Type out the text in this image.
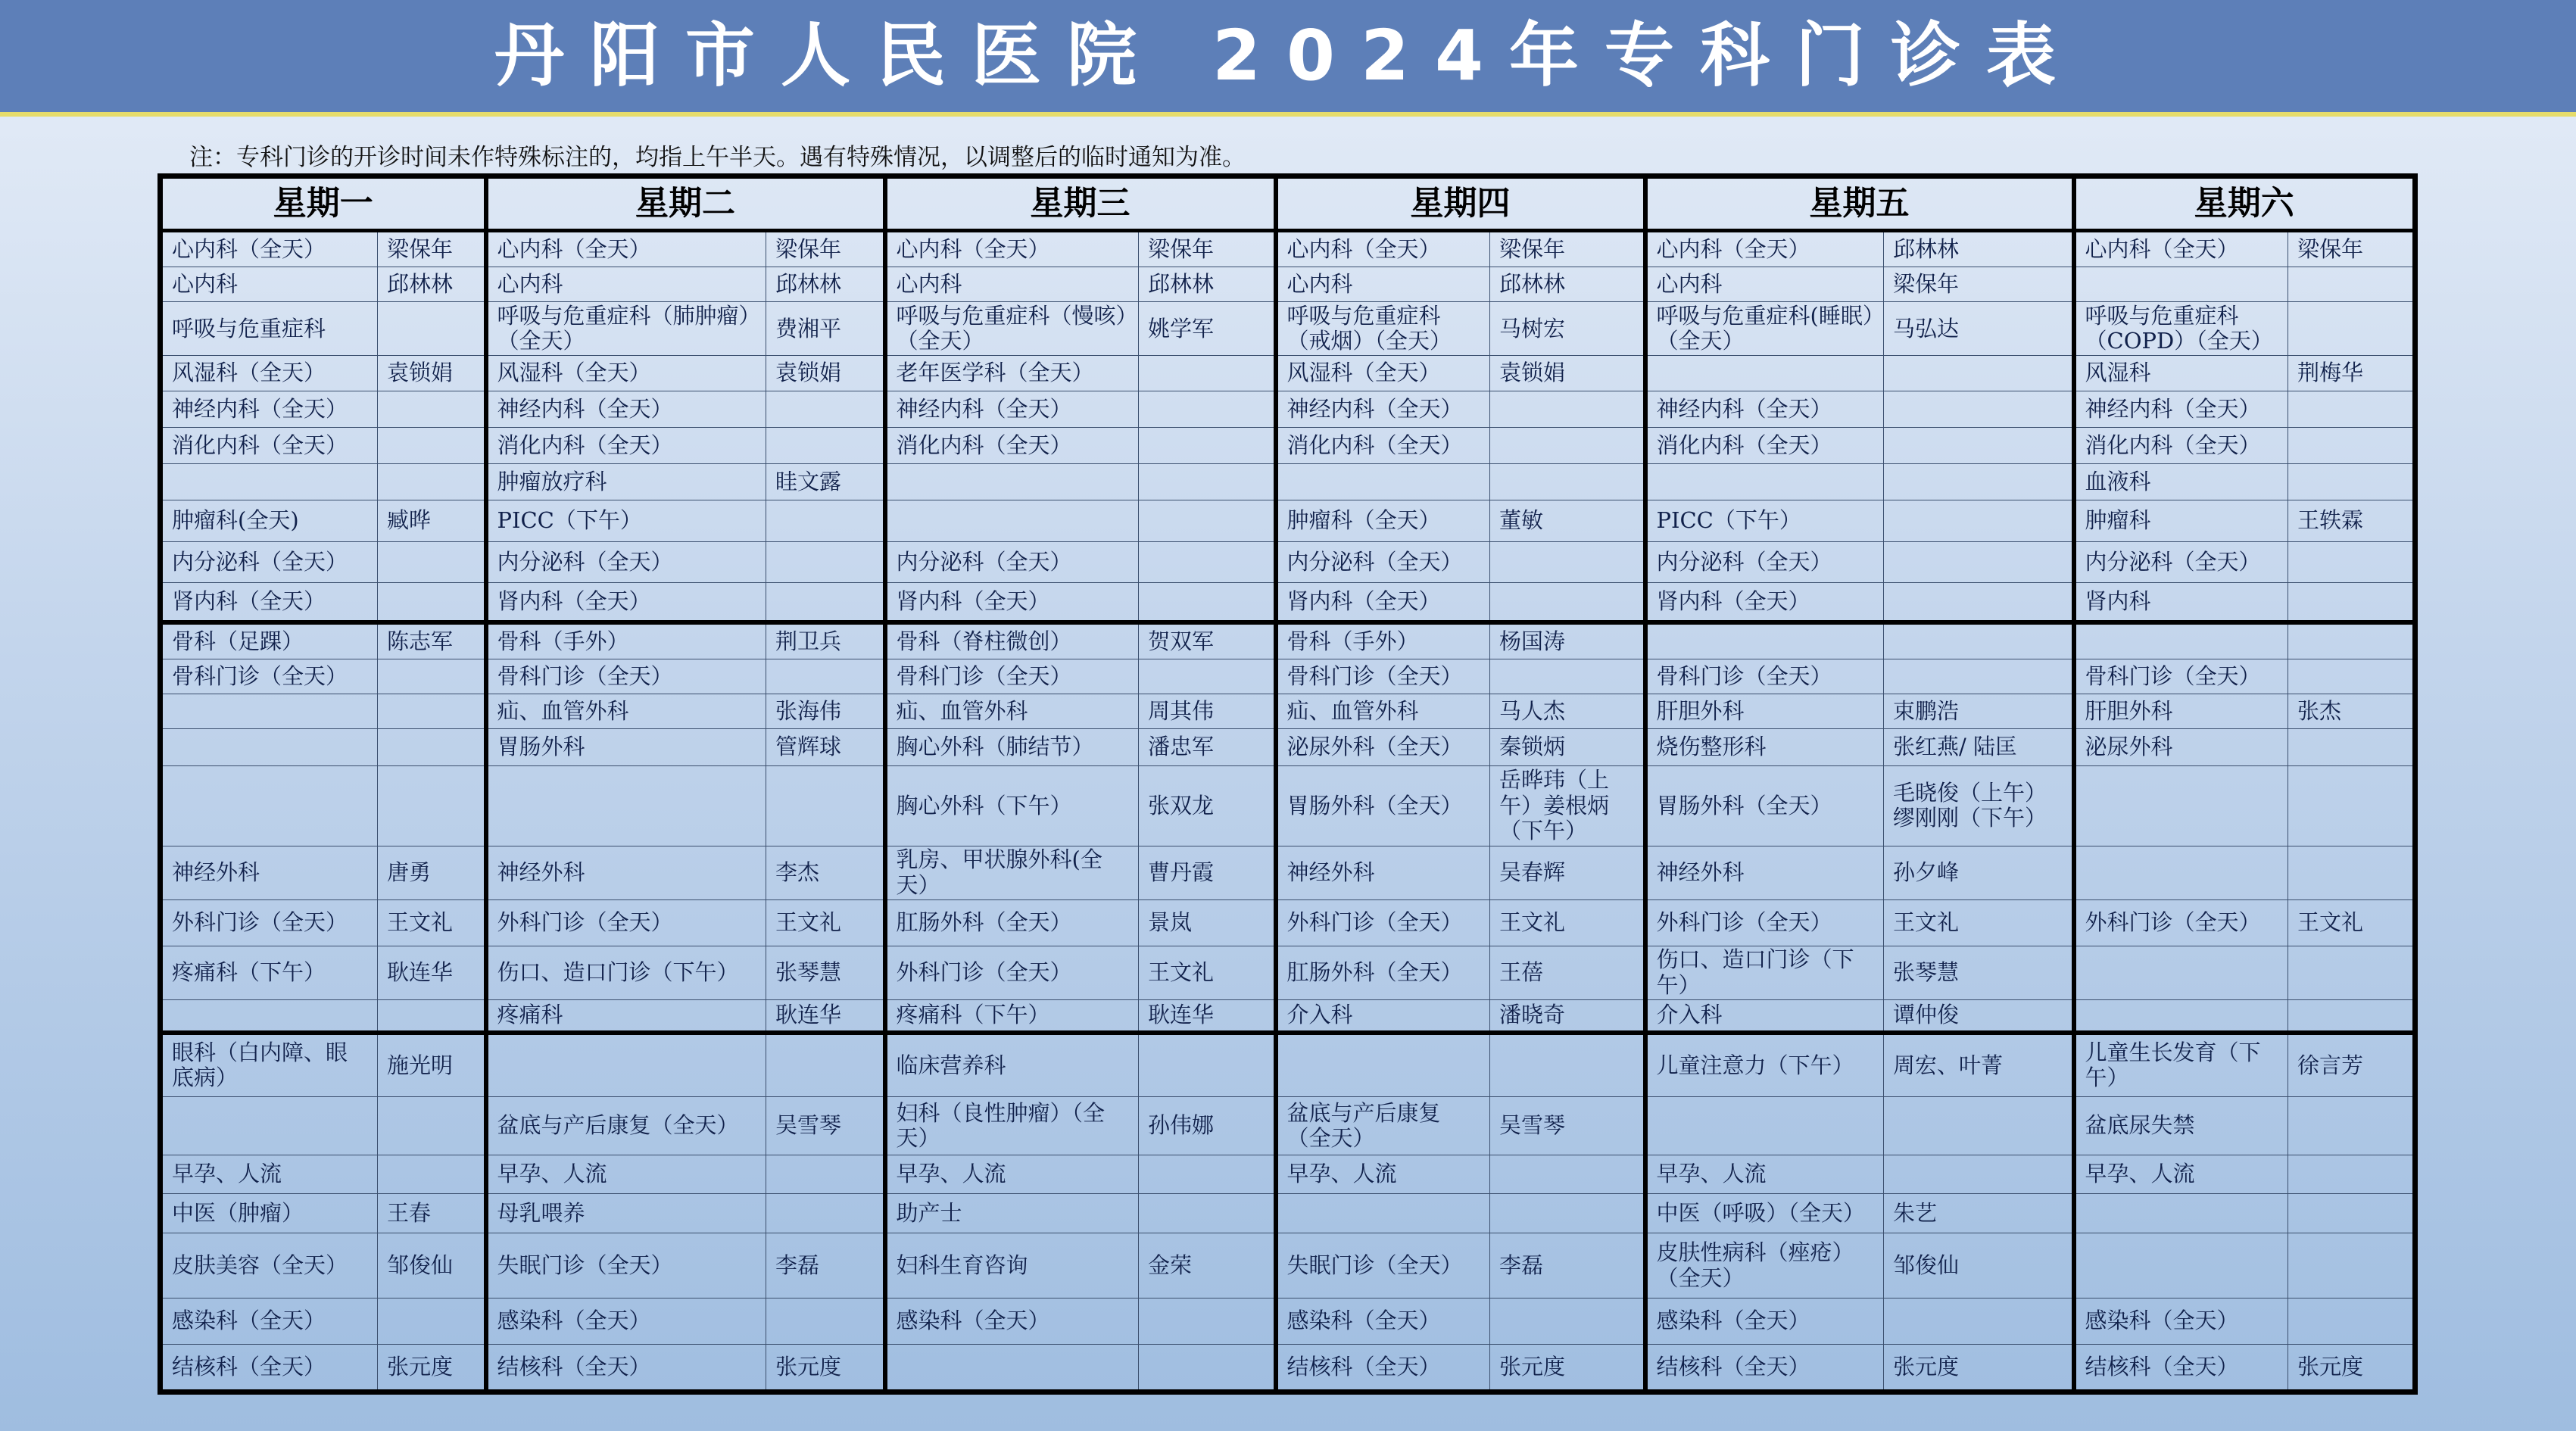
丹阳市人民医院 2024年专科门诊表
注：专科门诊的开诊时间未作特殊标注的，均指上午半天。遇有特殊情况，以调整后的临时通知为准。
星期一		星期二		星期三		星期四		星期五		星期六	
心内科（全天）	梁保年	心内科（全天）	梁保年	心内科（全天）	梁保年	心内科（全天）	梁保年	心内科（全天）	邱林林	心内科（全天）	梁保年
心内科	邱林林	心内科	邱林林	心内科	邱林林	心内科	邱林林	心内科	梁保年		
呼吸与危重症科		呼吸与危重症科（肺肿瘤）（全天）	费湘平	呼吸与危重症科（慢咳）（全天）	姚学军	呼吸与危重症科（戒烟）（全天）	马树宏	呼吸与危重症科(睡眠）（全天）	马弘达	呼吸与危重症科（COPD）（全天）	
风湿科（全天）	袁锁娟	风湿科（全天）	袁锁娟	老年医学科（全天）		风湿科（全天）	袁锁娟			风湿科	荆梅华
神经内科（全天）		神经内科（全天）		神经内科（全天）		神经内科（全天）		神经内科（全天）		神经内科（全天）	
消化内科（全天）		消化内科（全天）		消化内科（全天）		消化内科（全天）		消化内科（全天）		消化内科（全天）	
		肿瘤放疗科	眭文露							血液科	
肿瘤科(全天)	臧晔	PICC（下午）				肿瘤科（全天）	董敏	PICC（下午）		肿瘤科	王轶霖
内分泌科（全天）		内分泌科（全天）		内分泌科（全天）		内分泌科（全天）		内分泌科（全天）		内分泌科（全天）	
肾内科（全天）		肾内科（全天）		肾内科（全天）		肾内科（全天）		肾内科（全天）		肾内科	
骨科（足踝）	陈志军	骨科（手外）	荆卫兵	骨科（脊柱微创）	贺双军	骨科（手外）	杨国涛				
骨科门诊（全天）		骨科门诊（全天）		骨科门诊（全天）		骨科门诊（全天）		骨科门诊（全天）		骨科门诊（全天）	
		疝、血管外科	张海伟	疝、血管外科	周其伟	疝、血管外科	马人杰	肝胆外科	束鹏浩	肝胆外科	张杰
		胃肠外科	管辉球	胸心外科（肺结节）	潘忠军	泌尿外科（全天）	秦锁炳	烧伤整形科	张红燕/ 陆匡	泌尿外科	
				胸心外科（下午）	张双龙	胃肠外科（全天）	岳晔玮（上午）姜根炳（下午）	胃肠外科（全天）	毛晓俊（上午）缪刚刚（下午）		
神经外科	唐勇	神经外科	李杰	乳房、甲状腺外科(全天）	曹丹霞	神经外科	吴春辉	神经外科	孙夕峰		
外科门诊（全天）	王文礼	外科门诊（全天）	王文礼	肛肠外科（全天）	景岚	外科门诊（全天）	王文礼	外科门诊（全天）	王文礼	外科门诊（全天）	王文礼
疼痛科（下午）	耿连华	伤口、造口门诊（下午）	张琴慧	外科门诊（全天）	王文礼	肛肠外科（全天）	王蓓	伤口、造口门诊（下午）	张琴慧		
		疼痛科	耿连华	疼痛科（下午）	耿连华	介入科	潘晓奇	介入科	谭仲俊		
眼科（白内障、眼底病）	施光明			临床营养科				儿童注意力（下午）	周宏、叶菁	儿童生长发育（下午）	徐言芳
		盆底与产后康复（全天）	吴雪琴	妇科（良性肿瘤）（全天）	孙伟娜	盆底与产后康复（全天）	吴雪琴			盆底尿失禁	
早孕、人流		早孕、人流		早孕、人流		早孕、人流		早孕、人流		早孕、人流	
中医（肿瘤）	王春	母乳喂养		助产士				中医（呼吸）（全天）	朱艺		
皮肤美容（全天）	邹俊仙	失眠门诊（全天）	李磊	妇科生育咨询	金荣	失眠门诊（全天）	李磊	皮肤性病科（痤疮）（全天）	邹俊仙		
感染科（全天）		感染科（全天）		感染科（全天）		感染科（全天）		感染科（全天）		感染科（全天）	
结核科（全天）	张元度	结核科（全天）	张元度			结核科（全天）	张元度	结核科（全天）	张元度	结核科（全天）	张元度
